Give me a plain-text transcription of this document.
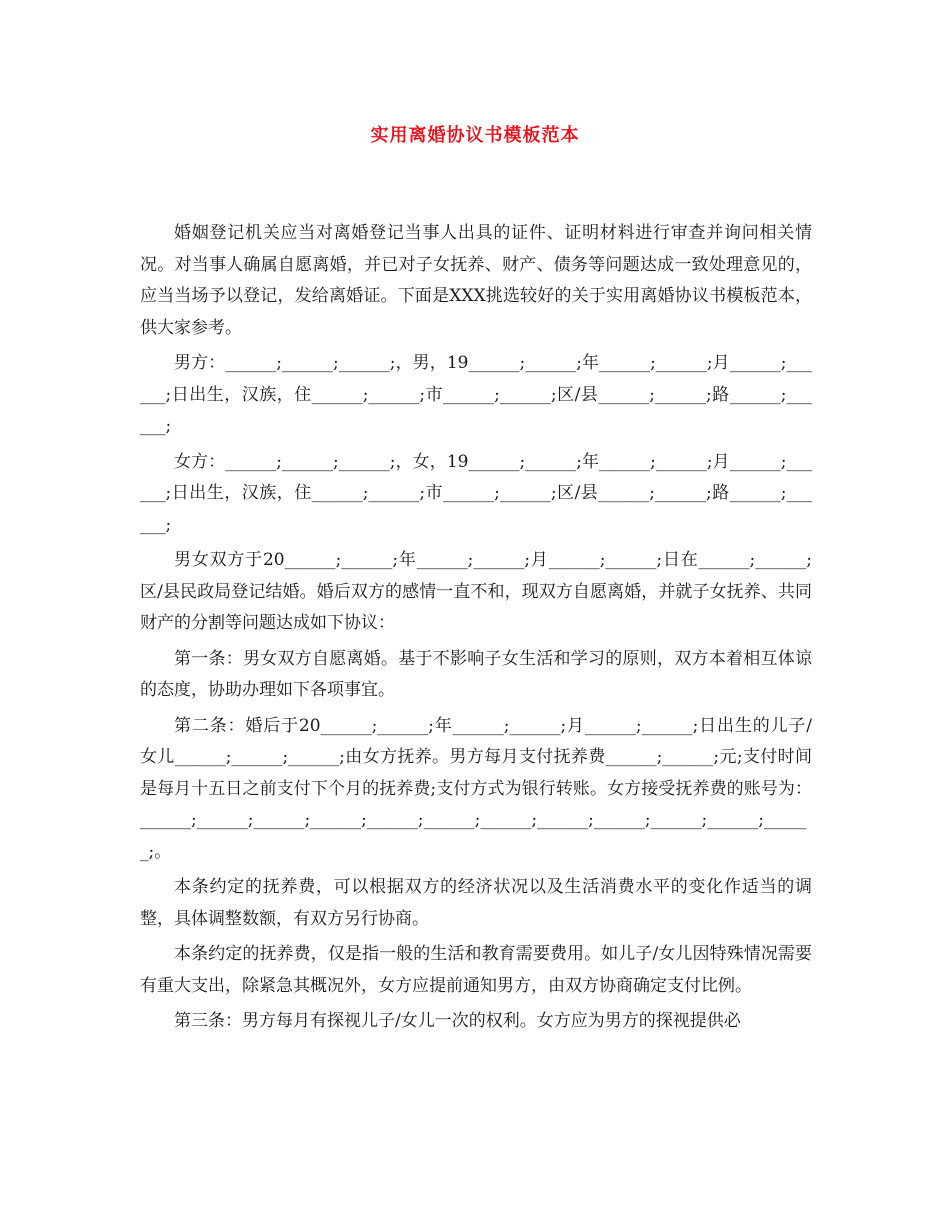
实用离婚协议书模板范本

婚姻登记机关应当对离婚登记当事人出具的证件、证明材料进行审查并询问相关情况。对当事人确属自愿离婚，并已对子女抚养、财产、债务等问题达成一致处理意见的，应当当场予以登记，发给离婚证。下面是XXX挑选较好的关于实用离婚协议书模板范本，供大家参考。

男方：______;______;______;，男，19______;______;年______;______;月______;______;日出生，汉族，住______;______;市______;______;区/县______;______;路______;______;

女方：______;______;______;，女，19______;______;年______;______;月______;______;日出生，汉族，住______;______;市______;______;区/县______;______;路______;______;

男女双方于20______;______;年______;______;月______;______;日在______;______;区/县民政局登记结婚。婚后双方的感情一直不和，现双方自愿离婚，并就子女抚养、共同财产的分割等问题达成如下协议：

第一条：男女双方自愿离婚。基于不影响子女生活和学习的原则，双方本着相互体谅的态度，协助办理如下各项事宜。

第二条：婚后于20______;______;年______;______;月______;______;日出生的儿子/女儿______;______;______;由女方抚养。男方每月支付抚养费______;______;元;支付时间是每月十五日之前支付下个月的抚养费;支付方式为银行转账。女方接受抚养费的账号为：______;______;______;______;______;______;______;______;______;______;______;______;。

本条约定的抚养费，可以根据双方的经济状况以及生活消费水平的变化作适当的调整，具体调整数额，有双方另行协商。

本条约定的抚养费，仅是指一般的生活和教育需要费用。如儿子/女儿因特殊情况需要有重大支出，除紧急其概况外，女方应提前通知男方，由双方协商确定支付比例。

第三条：男方每月有探视儿子/女儿一次的权利。女方应为男方的探视提供必
